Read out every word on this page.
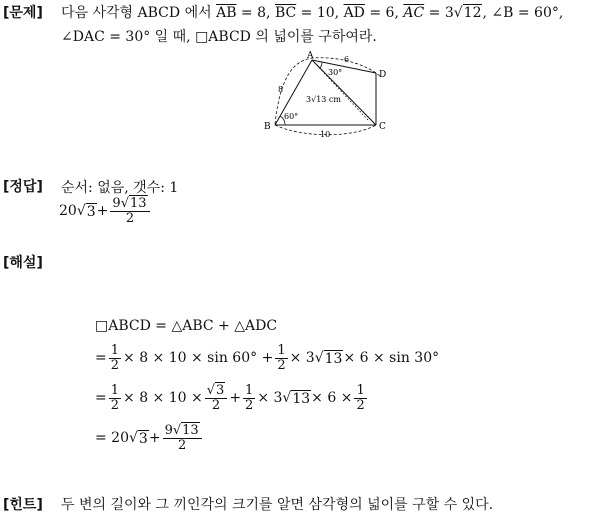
[문제] 다음 사각형 ABCD 에서 $\overline{AB} = 8$, $\overline{BC} = 10$, $\overline{AD} = 6$, $\overline{AC} = 3√12$, ∠B = 60°,
∠DAC = 30° 일 때, □ABCD 의 넓이를 구하여라.
A
B	C
D
6
8
10
30°
60°
3√13 cm
[정답] 순서: 없음, 갯수: 1
20 √ $3 + \frac{9√13}{2}$
[해설]
□ABCD = △ABC + △ADC
= $\frac{1}{2} \times 8 \times 10 \times \sin 60^\circ + \frac{1}{2} \times 3$ √ 13 × 6 × sin 30°
= $\frac{1}{2} \times 8 \times 10 \times \frac{√3}{2} + \frac{1}{2} \times 3$ √ $13 \times 6 \times \frac{1}{2}$
= 20 √ $3 + \frac{9√13}{2}$
[힌트] 두 변의 길이와 그 끼인각의 크기를 알면 삼각형의 넓이를 구할 수 있다.
